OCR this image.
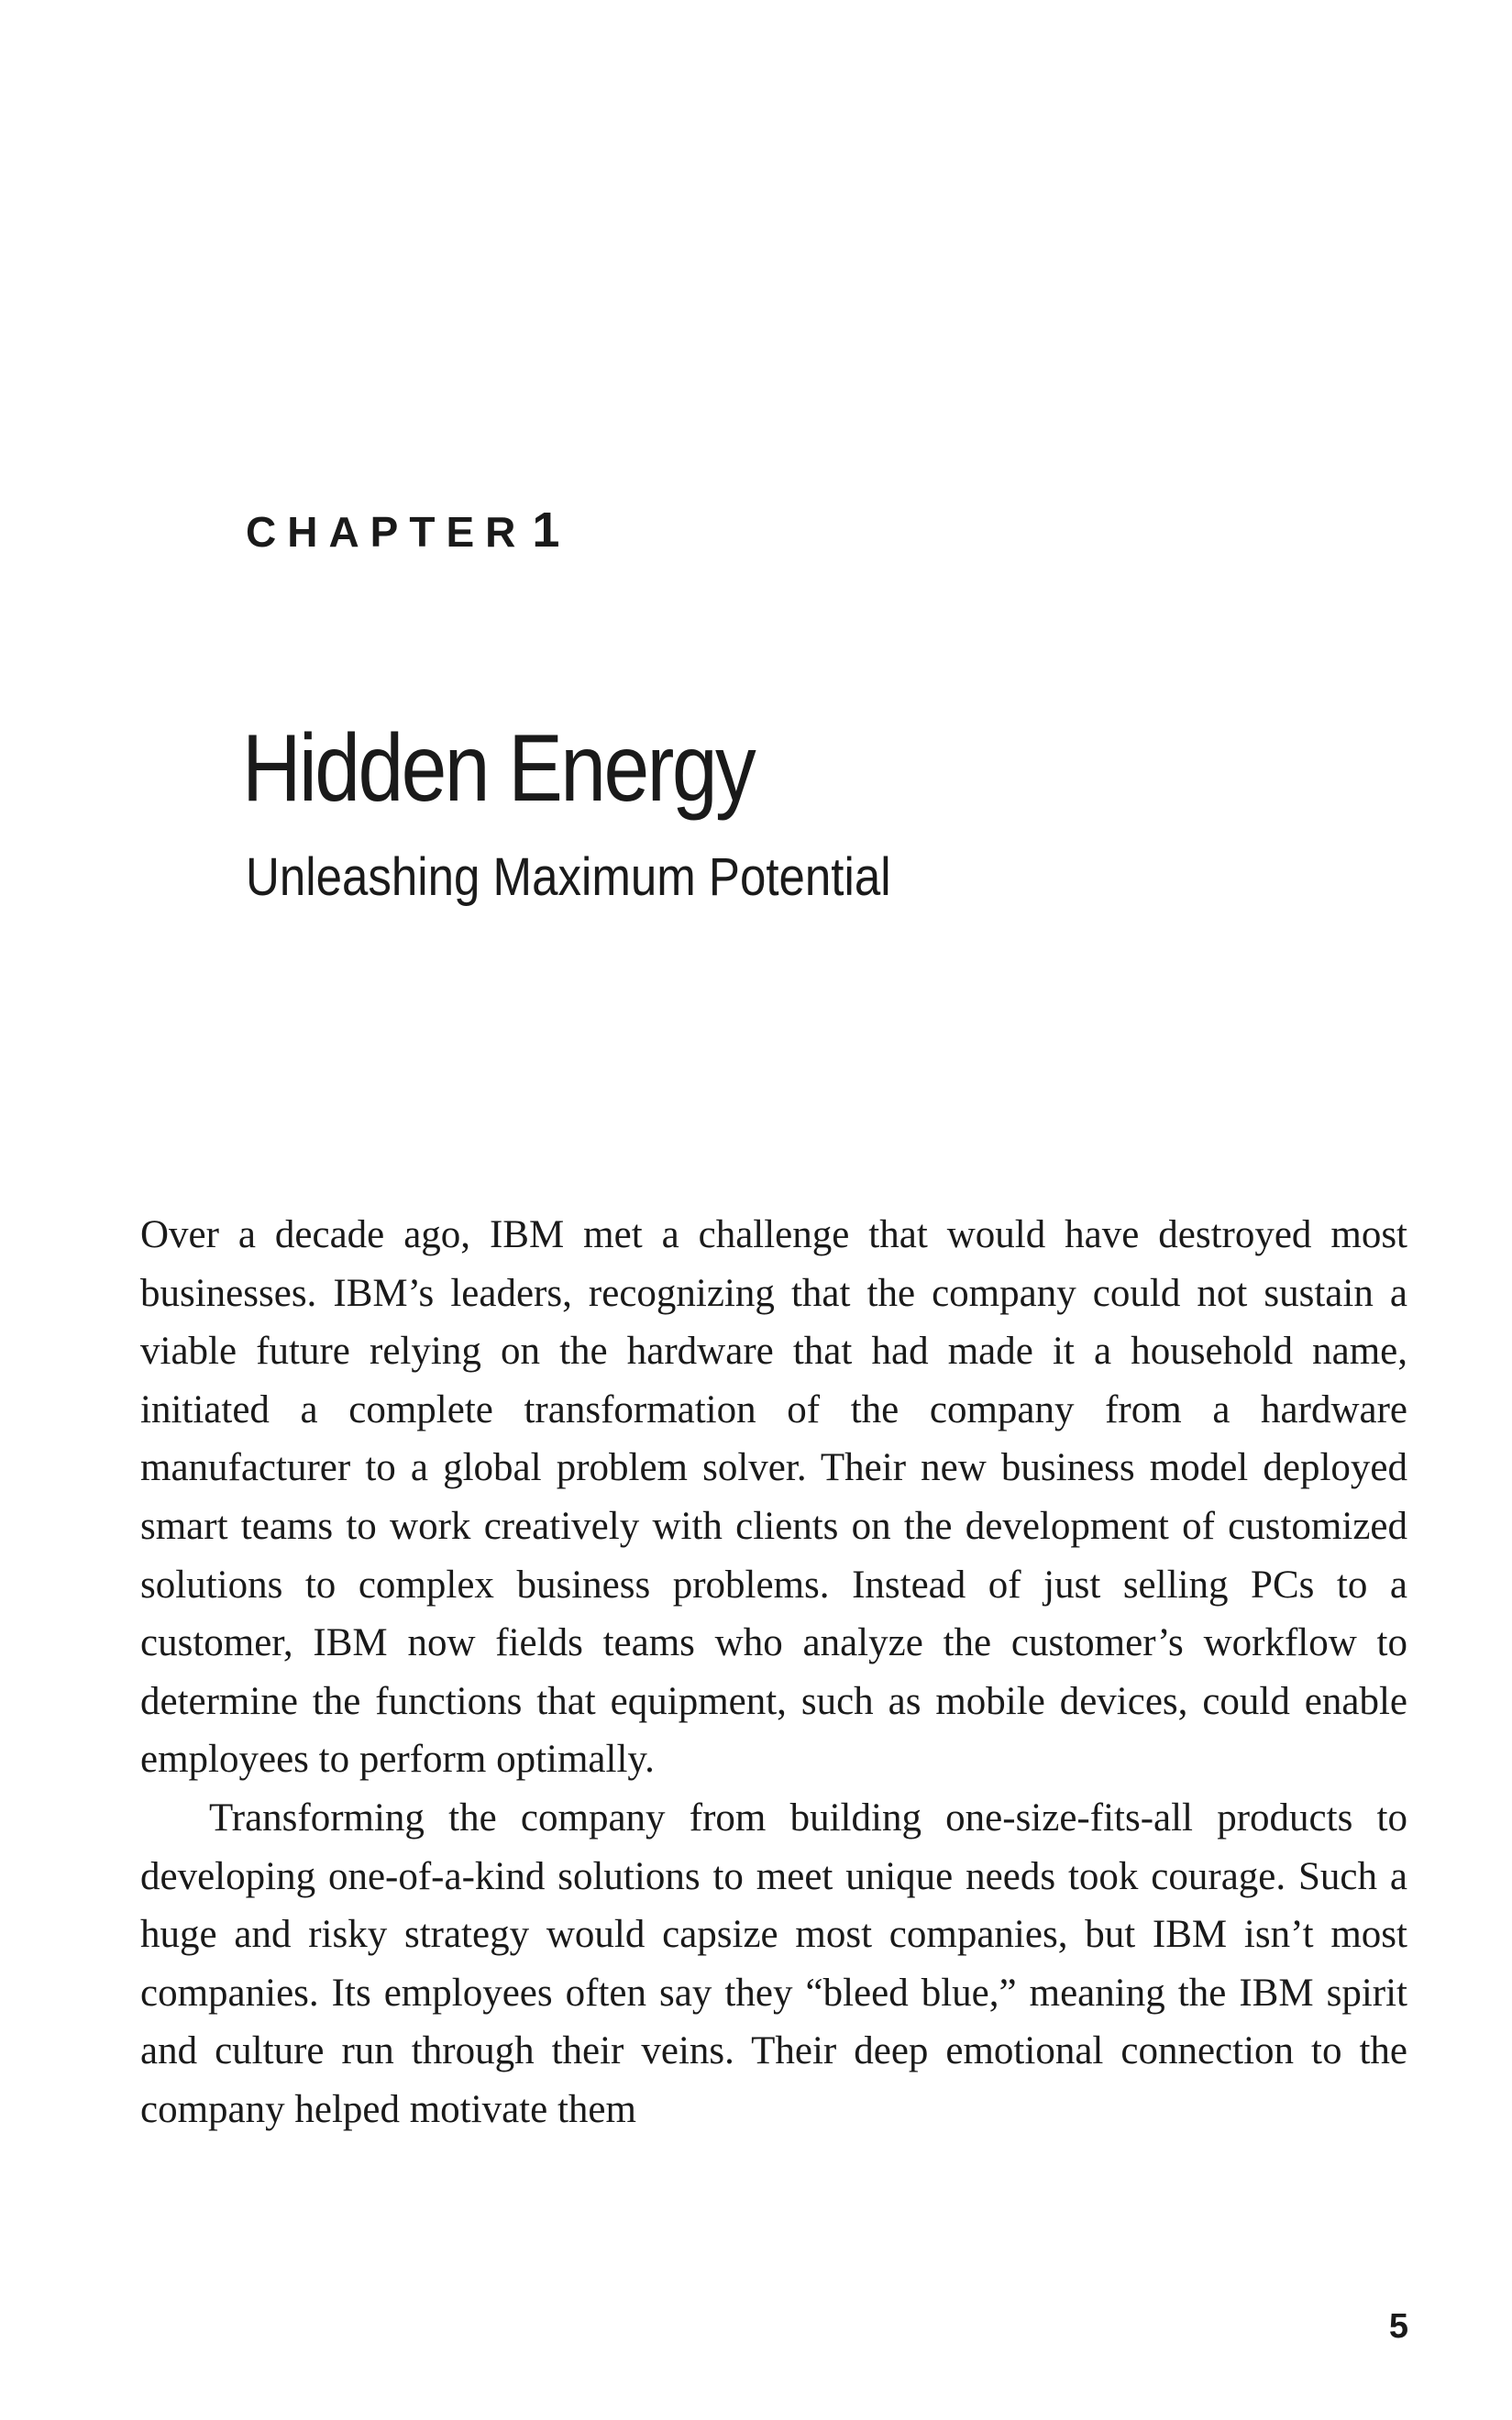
CHAPTER 1
Hidden Energy
Unleashing Maximum Potential

Over a decade ago, IBM met a challenge that would have destroyed most businesses. IBM’s leaders, recognizing that the company could not sustain a viable future relying on the hardware that had made it a household name, initiated a complete transformation of the company from a hardware manufacturer to a global problem solver. Their new business model deployed smart teams to work creatively with clients on the development of customized solutions to complex business problems. Instead of just selling PCs to a customer, IBM now fields teams who analyze the customer’s workflow to determine the functions that equipment, such as mobile devices, could enable employees to perform optimally.

Transforming the company from building one-size-fits-all products to developing one-of-a-kind solutions to meet unique needs took courage. Such a huge and risky strategy would capsize most companies, but IBM isn’t most companies. Its employees often say they “bleed blue,” meaning the IBM spirit and culture run through their veins. Their deep emotional connection to the company helped motivate them

5
